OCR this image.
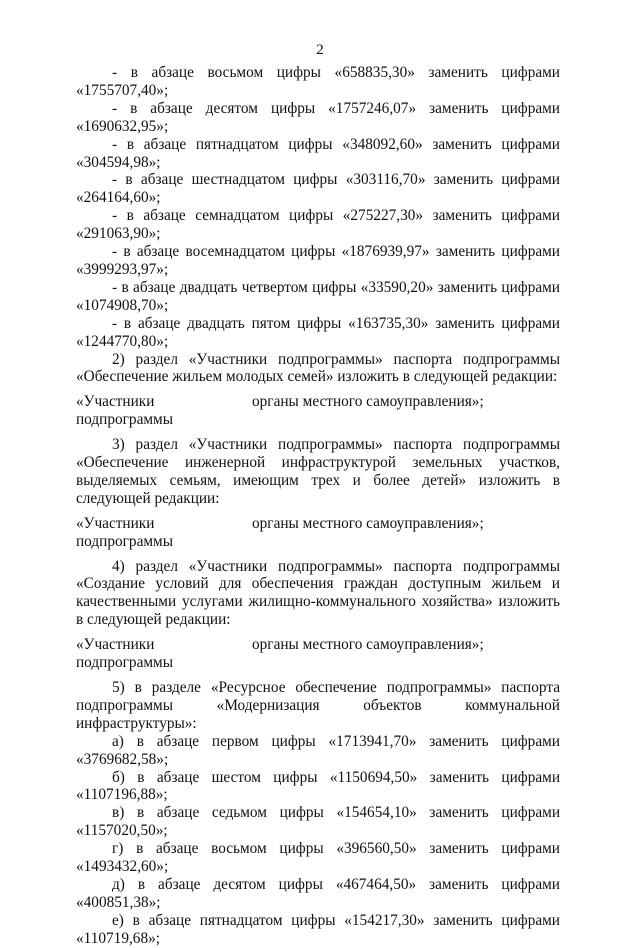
2

- в абзаце восьмом цифры «658835,30» заменить цифрами «1755707,40»;

- в абзаце десятом цифры «1757246,07» заменить цифрами «1690632,95»;

- в абзаце пятнадцатом цифры «348092,60» заменить цифрами «304594,98»;

- в абзаце шестнадцатом цифры «303116,70» заменить цифрами «264164,60»;

- в абзаце семнадцатом цифры «275227,30» заменить цифрами «291063,90»;

- в абзаце восемнадцатом цифры «1876939,97» заменить цифрами «3999293,97»;

- в абзаце двадцать четвертом цифры «33590,20» заменить цифрами «1074908,70»;

- в абзаце двадцать пятом цифры «163735,30» заменить цифрами «1244770,80»;

2) раздел «Участники подпрограммы» паспорта подпрограммы «Обеспечение жильем молодых семей» изложить в следующей редакции:

«Участники подпрограммы
органы местного самоуправления»;

3) раздел «Участники подпрограммы» паспорта подпрограммы «Обеспечение инженерной инфраструктурой земельных участков, выделяемых семьям, имеющим трех и более детей» изложить в следующей редакции:

«Участники подпрограммы
органы местного самоуправления»;

4) раздел «Участники подпрограммы» паспорта подпрограммы «Создание условий для обеспечения граждан доступным жильем и качественными услугами жилищно-коммунального хозяйства» изложить в следующей редакции:

«Участники подпрограммы
органы местного самоуправления»;

5) в разделе «Ресурсное обеспечение подпрограммы» паспорта подпрограммы «Модернизация объектов коммунальной инфраструктуры»:

а) в абзаце первом цифры «1713941,70» заменить цифрами «3769682,58»;

б) в абзаце шестом цифры «1150694,50» заменить цифрами «1107196,88»;

в) в абзаце седьмом цифры «154654,10» заменить цифрами «1157020,50»;

г) в абзаце восьмом цифры «396560,50» заменить цифрами «1493432,60»;

д) в абзаце десятом цифры «467464,50» заменить цифрами «400851,38»;

е) в абзаце пятнадцатом цифры «154217,30» заменить цифрами «110719,68»;
